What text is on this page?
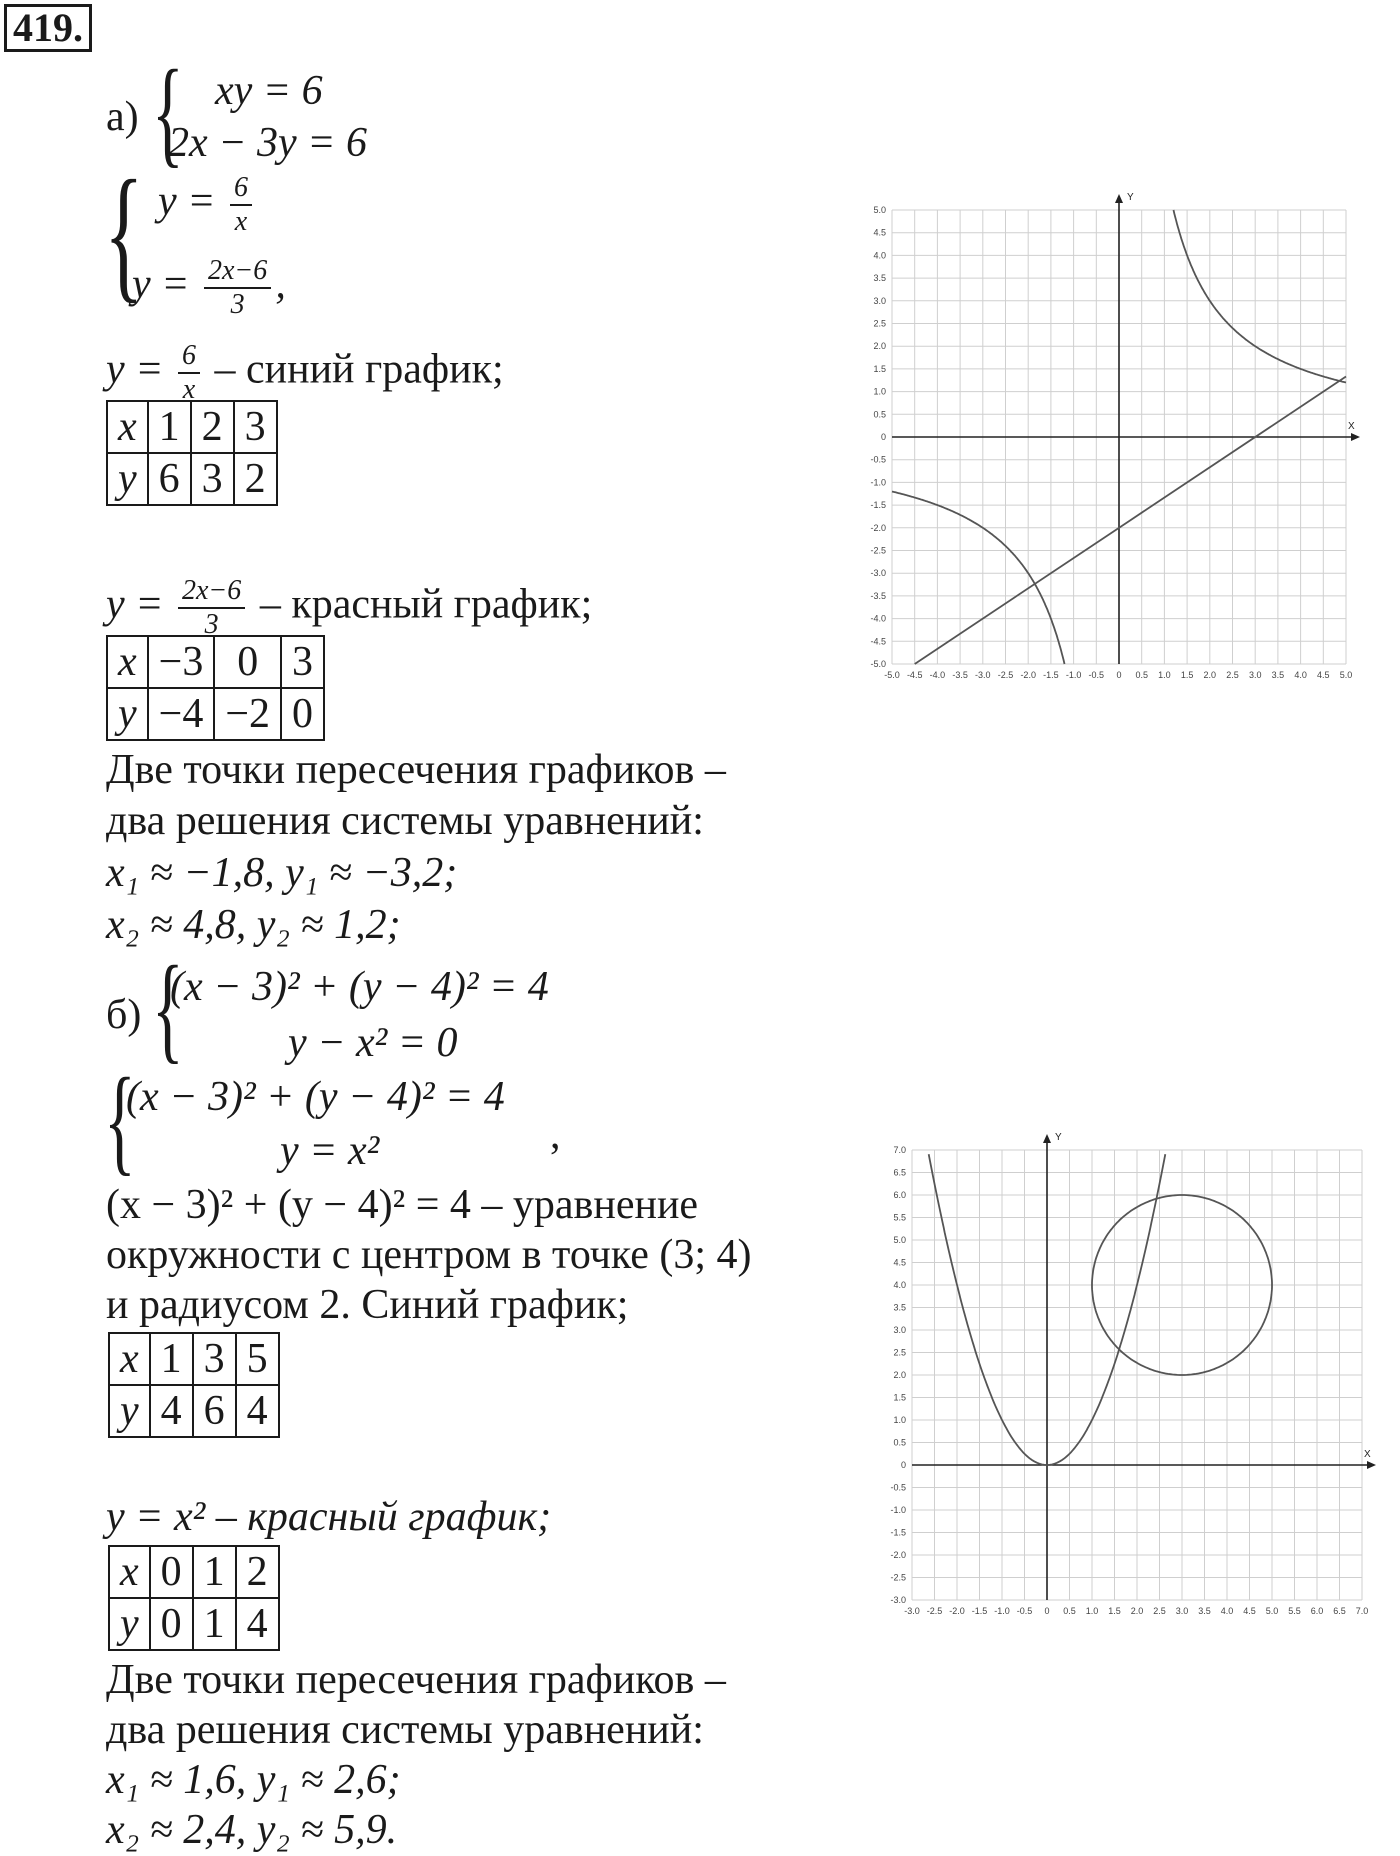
419.
а) { xy = 6
2x − 3y = 6
{ $y = \frac{6}{x}$
$y = \frac{2x-6}{3}$ ,
$y = \frac{6}{x}$ – синий график;
x	1	2	3
y	6	3	2
$y = \frac{2x-6}{3}$ – красный график;
x	−3	0	3
y	−4	−2	0
Две точки пересечения графиков –
два решения системы уравнений:
x₁ ≈ −1,8, y₁ ≈ −3,2;
x₂ ≈ 4,8, y₂ ≈ 1,2;
б) {
(x − 3)² + (y − 4)² = 4
y − x² = 0
{
(x − 3)² + (y − 4)² = 4
y = x²	,
(x − 3)² + (y − 4)² = 4 – уравнение
окружности с центром в точке (3; 4)
и радиусом 2. Синий график;
x	1	3	5
y	4	6	4
y = x² – красный график;
x	0	1	2
y	0	1	4
Две точки пересечения графиков –
два решения системы уравнений:
x₁ ≈ 1,6, y₁ ≈ 2,6;
x₂ ≈ 2,4, y₂ ≈ 5,9.
-5.0 -4.5 -4.0 -3.5 -3.0 -2.5 -2.0 -1.5 -1.0 -0.5 0 0.5 1.0 1.5 2.0 2.5 3.0 3.5 4.0 4.5 5.0
5.0
4.5
4.0
3.5
3.0
2.5
2.0
1.5
1.0
0.5
0
-0.5
-1.0
-1.5
-2.0
-2.5
-3.0
-3.5
-4.0
-4.5
-5.0
X
Y
-3.0 -2.5 -2.0 -1.5 -1.0 -0.5 0 0.5 1.0 1.5 2.0 2.5 3.0 3.5 4.0 4.5 5.0 5.5 6.0 6.5 7.0
7.0
6.5
6.0
5.5
5.0
4.5
4.0
3.5
3.0
2.5
2.0
1.5
1.0
0.5
0
-0.5
-1.0
-1.5
-2.0
-2.5
-3.0
X
Y
